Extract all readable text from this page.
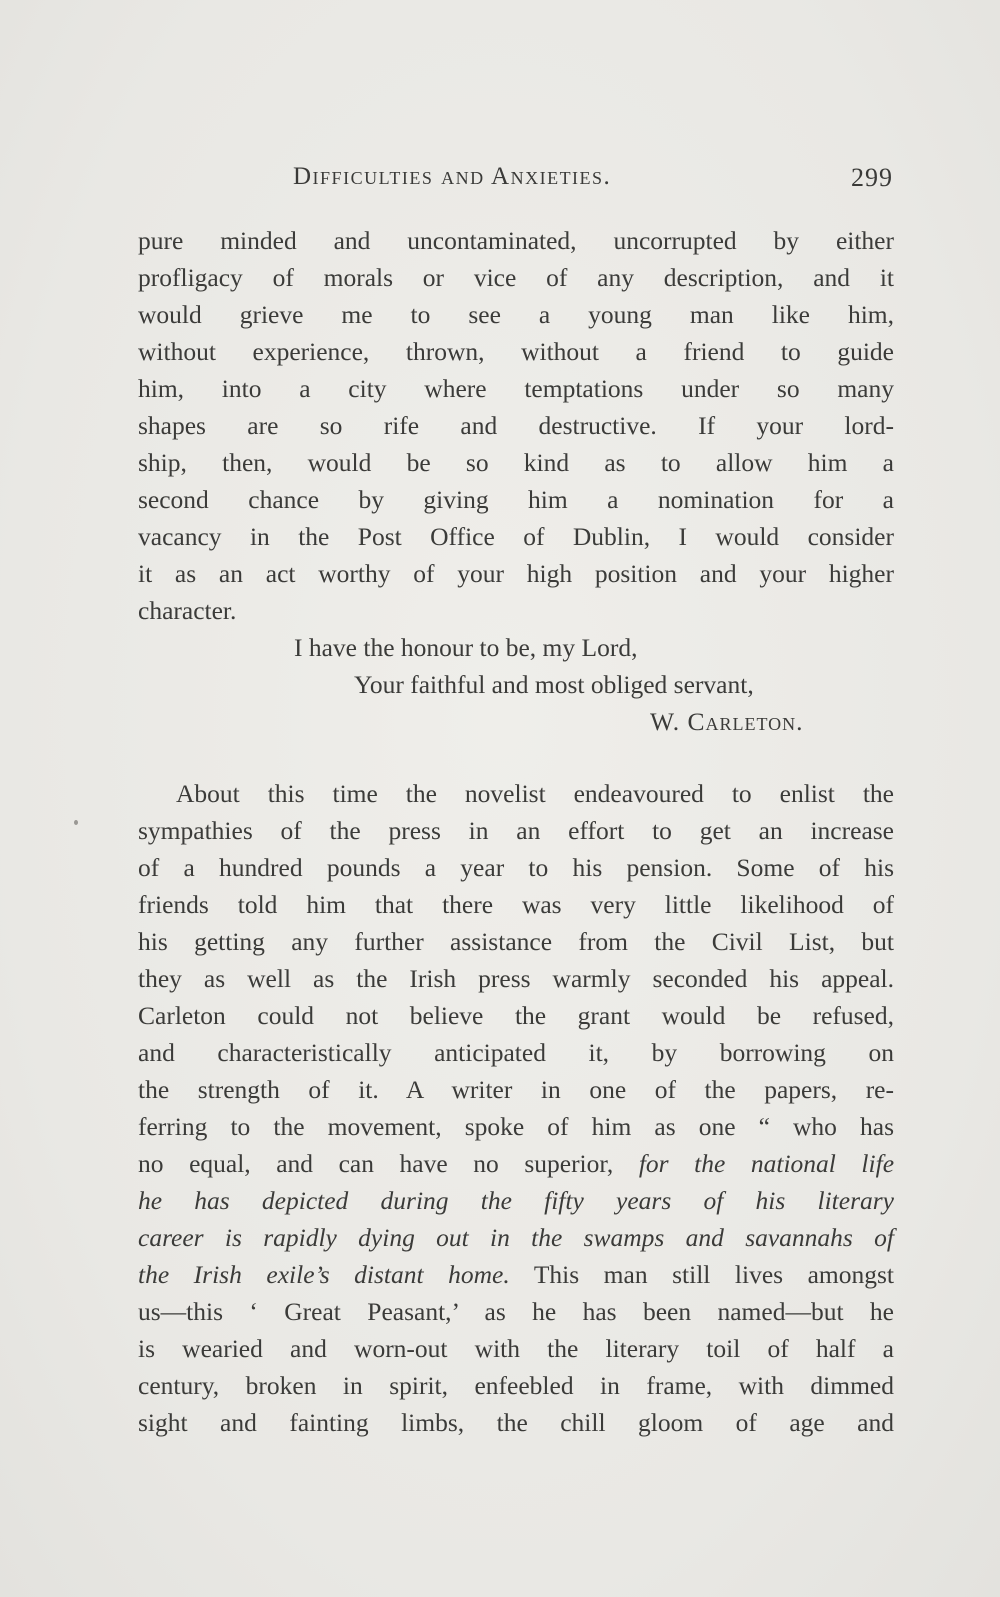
Difficulties and Anxieties.	299
pure minded and uncontaminated, uncorrupted by either
profligacy of morals or vice of any description, and it
would grieve me to see a young man like him,
without experience, thrown, without a friend to guide
him, into a city where temptations under so many
shapes are so rife and destructive. If your lord-
ship, then, would be so kind as to allow him a
second chance by giving him a nomination for a
vacancy in the Post Office of Dublin, I would consider
it as an act worthy of your high position and your higher
character.
I have the honour to be, my Lord,
Your faithful and most obliged servant,
W. Carleton.
About this time the novelist endeavoured to enlist the
sympathies of the press in an effort to get an increase
of a hundred pounds a year to his pension. Some of his
friends told him that there was very little likelihood of
his getting any further assistance from the Civil List, but
they as well as the Irish press warmly seconded his appeal.
Carleton could not believe the grant would be refused,
and characteristically anticipated it, by borrowing on
the strength of it. A writer in one of the papers, re-
ferring to the movement, spoke of him as one “ who has
no equal, and can have no superior, for the national life
he has depicted during the fifty years of his literary
career is rapidly dying out in the swamps and savannahs of
the Irish exile’s distant home. This man still lives amongst
us—this ‘ Great Peasant,’ as he has been named—but he
is wearied and worn-out with the literary toil of half a
century, broken in spirit, enfeebled in frame, with dimmed
sight and fainting limbs, the chill gloom of age and
